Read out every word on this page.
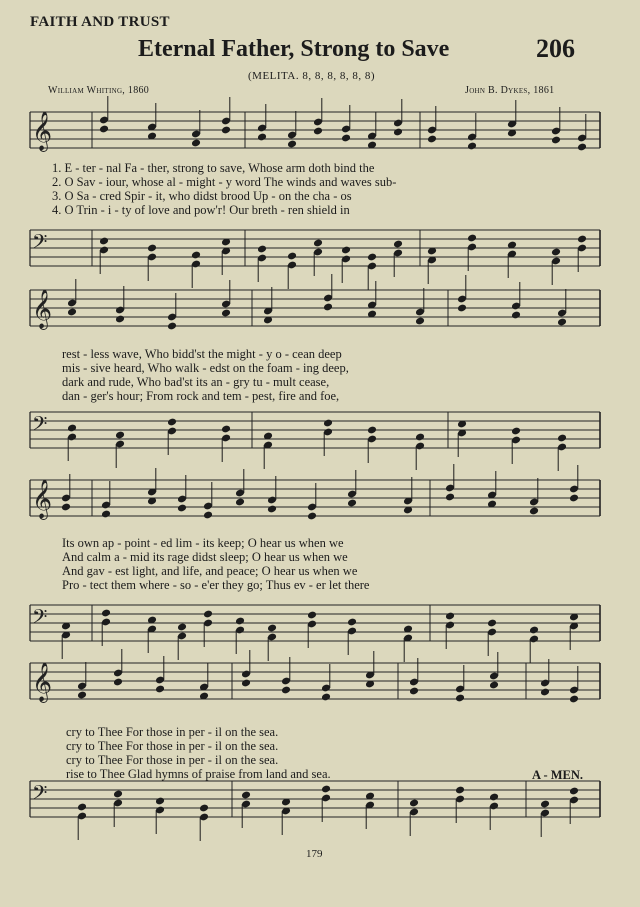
FAITH AND TRUST
Eternal Father, Strong to Save	206
(MELITA. 8, 8, 8, 8, 8, 8)
William Whiting, 1860	John B. Dykes, 1861
𝄞
𝄢
1. E - ter - nal Fa - ther, strong to save, Whose arm doth bind the
2. O Sav - iour, whose al - might - y word The winds and waves sub-
3. O Sa - cred Spir - it, who didst brood Up - on the cha - os
4. O Trin - i - ty of love and pow'r! Our breth - ren shield in
𝄞
𝄢
rest - less wave, Who bidd'st the might - y o - cean deep
mis - sive heard, Who walk - edst on the foam - ing deep,
dark and rude, Who bad'st its an - gry tu - mult cease,
dan - ger's hour; From rock and tem - pest, fire and foe,
𝄞
𝄢
Its own ap - point - ed lim - its keep; O hear us when we
And calm a - mid its rage didst sleep; O hear us when we
And gav - est light, and life, and peace; O hear us when we
Pro - tect them where - so - e'er they go; Thus ev - er let there
𝄞
𝄢
cry to Thee For those in per - il on the sea.
cry to Thee For those in per - il on the sea.
cry to Thee For those in per - il on the sea.
rise to Thee Glad hymns of praise from land and sea.	A - MEN.
179
